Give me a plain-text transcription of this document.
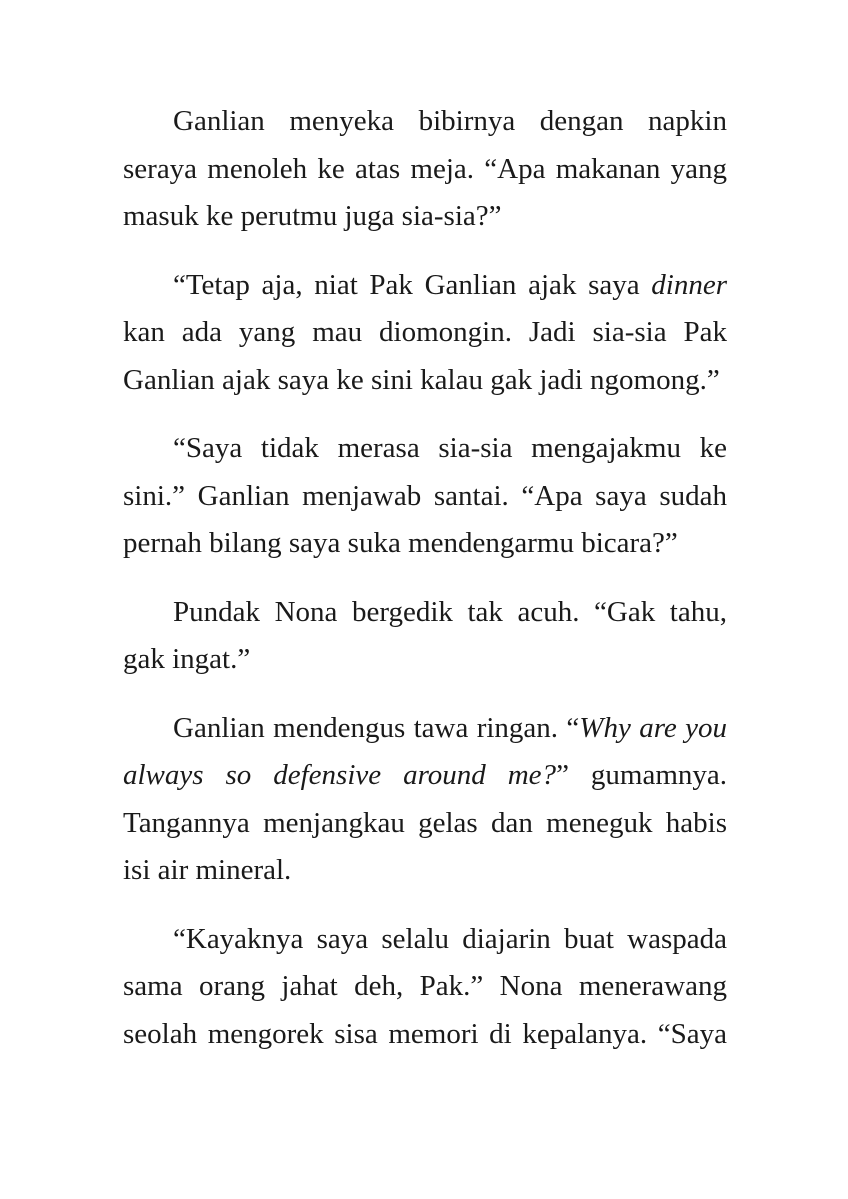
Ganlian menyeka bibirnya dengan napkin seraya menoleh ke atas meja. “Apa makanan yang masuk ke perutmu juga sia-sia?”

“Tetap aja, niat Pak Ganlian ajak saya dinner kan ada yang mau diomongin. Jadi sia-sia Pak Ganlian ajak saya ke sini kalau gak jadi ngomong.”

“Saya tidak merasa sia-sia mengajakmu ke sini.” Ganlian menjawab santai. “Apa saya sudah pernah bilang saya suka mendengarmu bicara?”

Pundak Nona bergedik tak acuh. “Gak tahu, gak ingat.”

Ganlian mendengus tawa ringan. “Why are you always so defensive around me?” gumamnya. Tangannya menjangkau gelas dan meneguk habis isi air mineral.

“Kayaknya saya selalu diajarin buat waspada sama orang jahat deh, Pak.” Nona menerawang seolah mengorek sisa memori di kepalanya. “Saya
